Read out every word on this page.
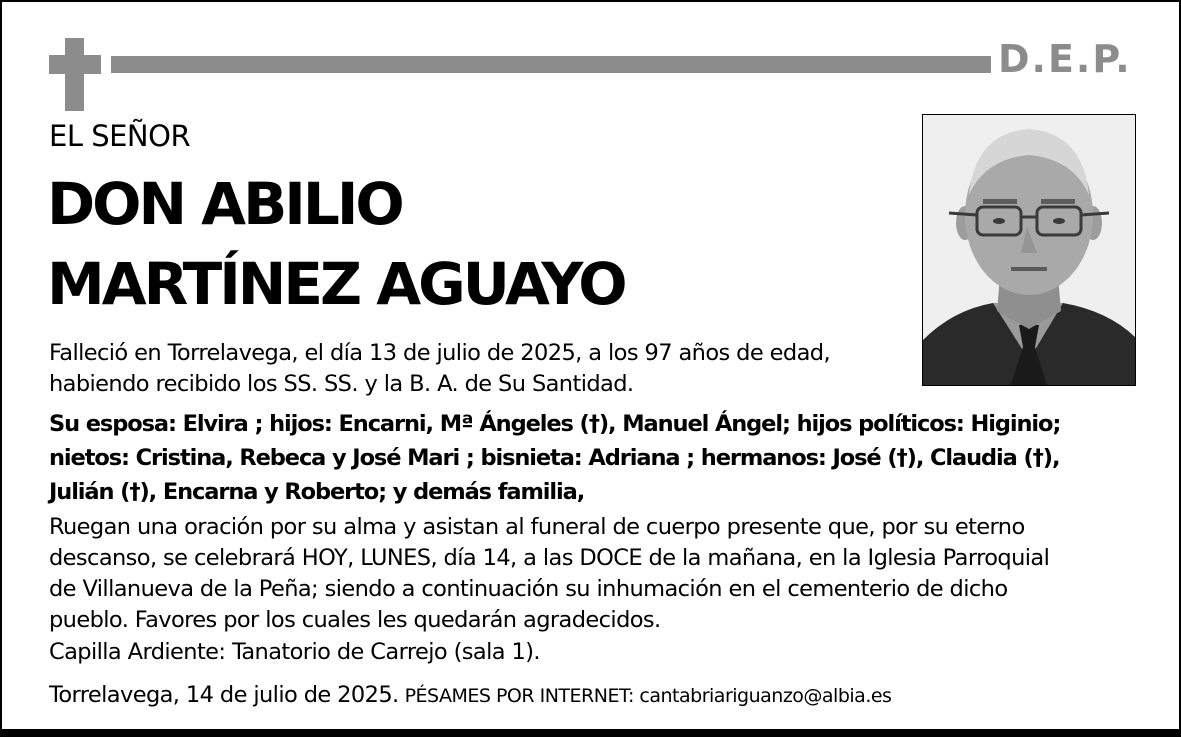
D.E.P.
EL SEÑOR
DON ABILIO
MARTÍNEZ AGUAYO
Falleció en Torrelavega, el día 13 de julio de 2025, a los 97 años de edad,
habiendo recibido los SS. SS. y la B. A. de Su Santidad.
Su esposa: Elvira ; hijos: Encarni, Mª Ángeles (†), Manuel Ángel; hijos políticos: Higinio;
nietos: Cristina, Rebeca y José Mari ; bisnieta: Adriana ; hermanos: José (†), Claudia (†),
Julián (†), Encarna y Roberto; y demás familia,
Ruegan una oración por su alma y asistan al funeral de cuerpo presente que, por su eterno
descanso, se celebrará HOY, LUNES, día 14, a las DOCE de la mañana, en la Iglesia Parroquial
de Villanueva de la Peña; siendo a continuación su inhumación en el cementerio de dicho
pueblo. Favores por los cuales les quedarán agradecidos.
Capilla Ardiente: Tanatorio de Carrejo (sala 1).
Torrelavega, 14 de julio de 2025. PÉSAMES POR INTERNET: cantabriariguanzo@albia.es
